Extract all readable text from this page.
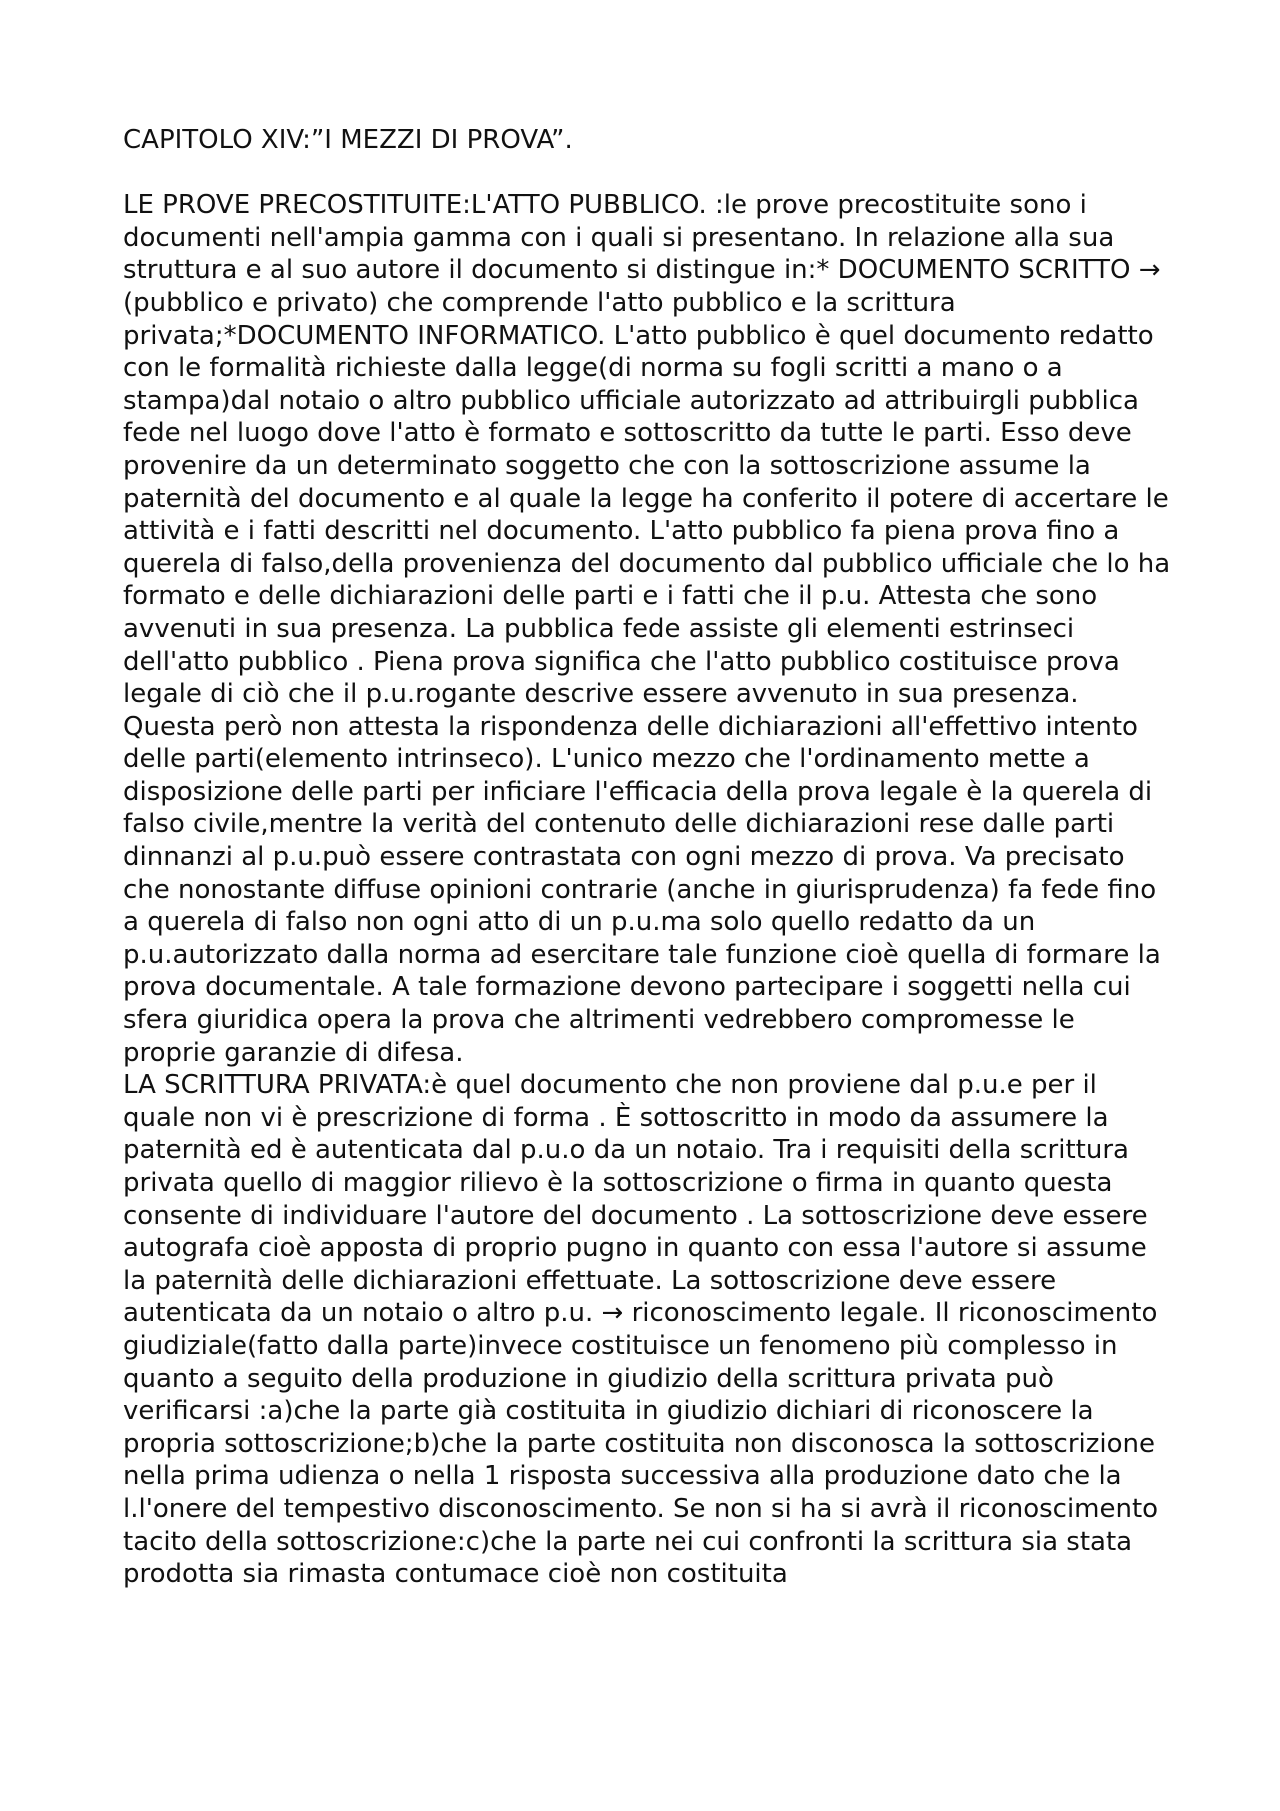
CAPITOLO XIV:”I MEZZI DI PROVA”.

LE PROVE PRECOSTITUITE:L'ATTO PUBBLICO. :le prove precostituite sono i documenti nell'ampia gamma con i quali si presentano. In relazione alla sua struttura e al suo autore il documento si distingue in:* DOCUMENTO SCRITTO → (pubblico e privato) che comprende l'atto pubblico e la scrittura privata;*DOCUMENTO INFORMATICO. L'atto pubblico è quel documento redatto con le formalità richieste dalla legge(di norma su fogli scritti a mano o a stampa)dal notaio o altro pubblico ufficiale autorizzato ad attribuirgli pubblica fede nel luogo dove l'atto è formato e sottoscritto da tutte le parti. Esso deve provenire da un determinato soggetto che con la sottoscrizione assume la paternità del documento e al quale la legge ha conferito il potere di accertare le attività e i fatti descritti nel documento. L'atto pubblico fa piena prova fino a querela di falso,della provenienza del documento dal pubblico ufficiale che lo ha formato e delle dichiarazioni delle parti e i fatti che il p.u. Attesta che sono avvenuti in sua presenza. La pubblica fede assiste gli elementi estrinseci dell'atto pubblico . Piena prova significa che l'atto pubblico costituisce prova legale di ciò che il p.u.rogante descrive essere avvenuto in sua presenza. Questa però non attesta la rispondenza delle dichiarazioni all'effettivo intento delle parti(elemento intrinseco). L'unico mezzo che l'ordinamento mette a disposizione delle parti per inficiare l'efficacia della prova legale è la querela di falso civile,mentre la verità del contenuto delle dichiarazioni rese dalle parti dinnanzi al p.u.può essere contrastata con ogni mezzo di prova. Va precisato che nonostante diffuse opinioni contrarie (anche in giurisprudenza) fa fede fino a querela di falso non ogni atto di un p.u.ma solo quello redatto da un p.u.autorizzato dalla norma ad esercitare tale funzione cioè quella di formare la prova documentale. A tale formazione devono partecipare i soggetti nella cui sfera giuridica opera la prova che altrimenti vedrebbero compromesse le proprie garanzie di difesa.

LA SCRITTURA PRIVATA:è quel documento che non proviene dal p.u.e per il quale non vi è prescrizione di forma . È sottoscritto in modo da assumere la paternità ed è autenticata dal p.u.o da un notaio. Tra i requisiti della scrittura privata quello di maggior rilievo è la sottoscrizione o firma in quanto questa consente di individuare l'autore del documento . La sottoscrizione deve essere autografa cioè apposta di proprio pugno in quanto con essa l'autore si assume la paternità delle dichiarazioni effettuate. La sottoscrizione deve essere autenticata da un notaio o altro p.u. → riconoscimento legale. Il riconoscimento giudiziale(fatto dalla parte)invece costituisce un fenomeno più complesso in quanto a seguito della produzione in giudizio della scrittura privata può verificarsi :a)che la parte già costituita in giudizio dichiari di riconoscere la propria sottoscrizione;b)che la parte costituita non disconosca la sottoscrizione nella prima udienza o nella 1 risposta successiva alla produzione dato che la l.l'onere del tempestivo disconoscimento. Se non si ha si avrà il riconoscimento tacito della sottoscrizione:c)che la parte nei cui confronti la scrittura sia stata prodotta sia rimasta contumace cioè non costituita
